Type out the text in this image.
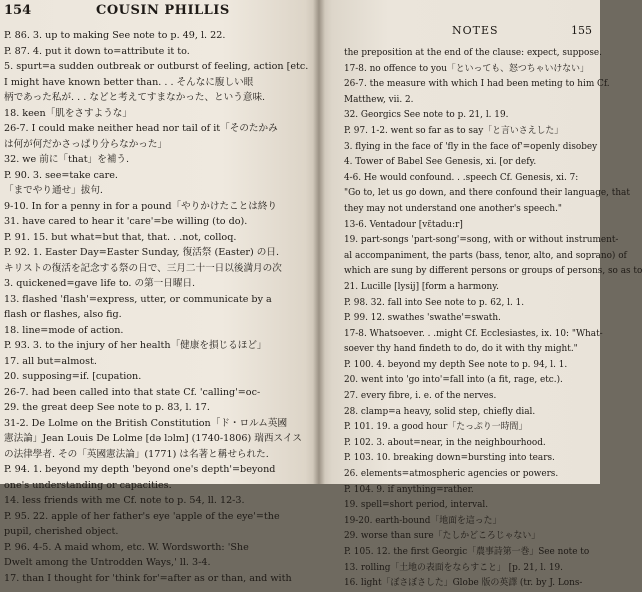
154	COUSIN PHILLIS
P. 86. 3. up to making See note to p. 49, l. 22.
P. 87. 4. put it down to=attribute it to.
5. spurt=a sudden outbreak or outburst of feeling, action [etc.
I might have known better than. . . そんなに腹しい眼
柄であった私が. . . などと考えてすまなかった、という意味.
18. keen「肌をさすような」
26-7. I could make neither head nor tail of it「そのたかみ
は何が何だかさっぱり分らなかった」
32. we 前に「that」を補う.
P. 90. 3. see=take care.
「までやり通せ」拔句.
9-10. In for a penny in for a pound「やりかけたことは終り
31. have cared to hear it 'care'=be willing (to do).
P. 91. 15. but what=but that, that. . .not, colloq.
P. 92. 1. Easter Day=Easter Sunday, 復活祭 (Easter) の日.
キリストの復活を記念する祭の日で、三月二十一日以後満月の次
3. quickened=gave life to. の第一日曜日.
13. flashed 'flash'=express, utter, or communicate by a
flash or flashes, also fig.
18. line=mode of action.
P. 93. 3. to the injury of her health「健康を損じるほど」
17. all but=almost.
20. supposing=if. [cupation.
26-7. had been called into that state Cf. 'calling'=oc-
29. the great deep See note to p. 83, l. 17.
31-2. De Lolme on the British Constitution「ド・ロルム英國
憲法論」Jean Louis De Lolme [də lɔlm] (1740-1806) 瑞西スイス
の法律學者. その「英國憲法論」(1771) は名著と稱せられた.
P. 94. 1. beyond my depth 'beyond one's depth'=beyond
one's understanding or capacities.
14. less friends with me Cf. note to p. 54, ll. 12-3.
P. 95. 22. apple of her father's eye 'apple of the eye'=the
pupil, cherished object.
P. 96. 4-5. A maid whom, etc. W. Wordsworth: 'She
Dwelt among the Untrodden Ways,' ll. 3-4.
17. than I thought for 'think for'=after as or than, and with
NOTES	155
the preposition at the end of the clause: expect, suppose.
17-8. no offence to you「といっても、怒つちゃいけない」
26-7. the measure with which I had been meting to him Cf.
Matthew, vii. 2.
32. Georgics See note to p. 21, l. 19.
P. 97. 1-2. went so far as to say「と言いさえした」
3. flying in the face of 'fly in the face of'=openly disobey
4. Tower of Babel See Genesis, xi. [or defy.
4-6. He would confound. . .speech Cf. Genesis, xi. 7:
"Go to, let us go down, and there confound their language, that
they may not understand one another's speech."
13-6. Ventadour [vɛ̃tadu:r]
19. part-songs 'part-song'=song, with or without instrument-
al accompaniment, the parts (bass, tenor, alto, and soprano) of
which are sung by different persons or groups of persons, so as to
21. Lucille [lysij] [form a harmony.
P. 98. 32. fall into See note to p. 62, l. 1.
P. 99. 12. swathes 'swathe'=swath.
17-8. Whatsoever. . .might Cf. Ecclesiastes, ix. 10: "What-
soever thy hand findeth to do, do it with thy might."
P. 100. 4. beyond my depth See note to p. 94, l. 1.
20. went into 'go into'=fall into (a fit, rage, etc.).
27. every fibre, i. e. of the nerves.
28. clamp=a heavy, solid step, chiefly dial.
P. 101. 19. a good hour「たっぷり一時間」
P. 102. 3. about=near, in the neighbourhood.
P. 103. 10. breaking down=bursting into tears.
26. elements=atmospheric agencies or powers.
P. 104. 9. if anything=rather.
19. spell=short period, interval.
19-20. earth-bound「地面を這った」
29. worse than sure「たしかどころじゃない」
P. 105. 12. the first Georgic「農事詩第一巻」See note to
13. rolling「土地の表面をならすこと」 [p. 21, l. 19.
16. light「ぼさぼさした」Globe 版の英譯 (tr. by J. Lons-
